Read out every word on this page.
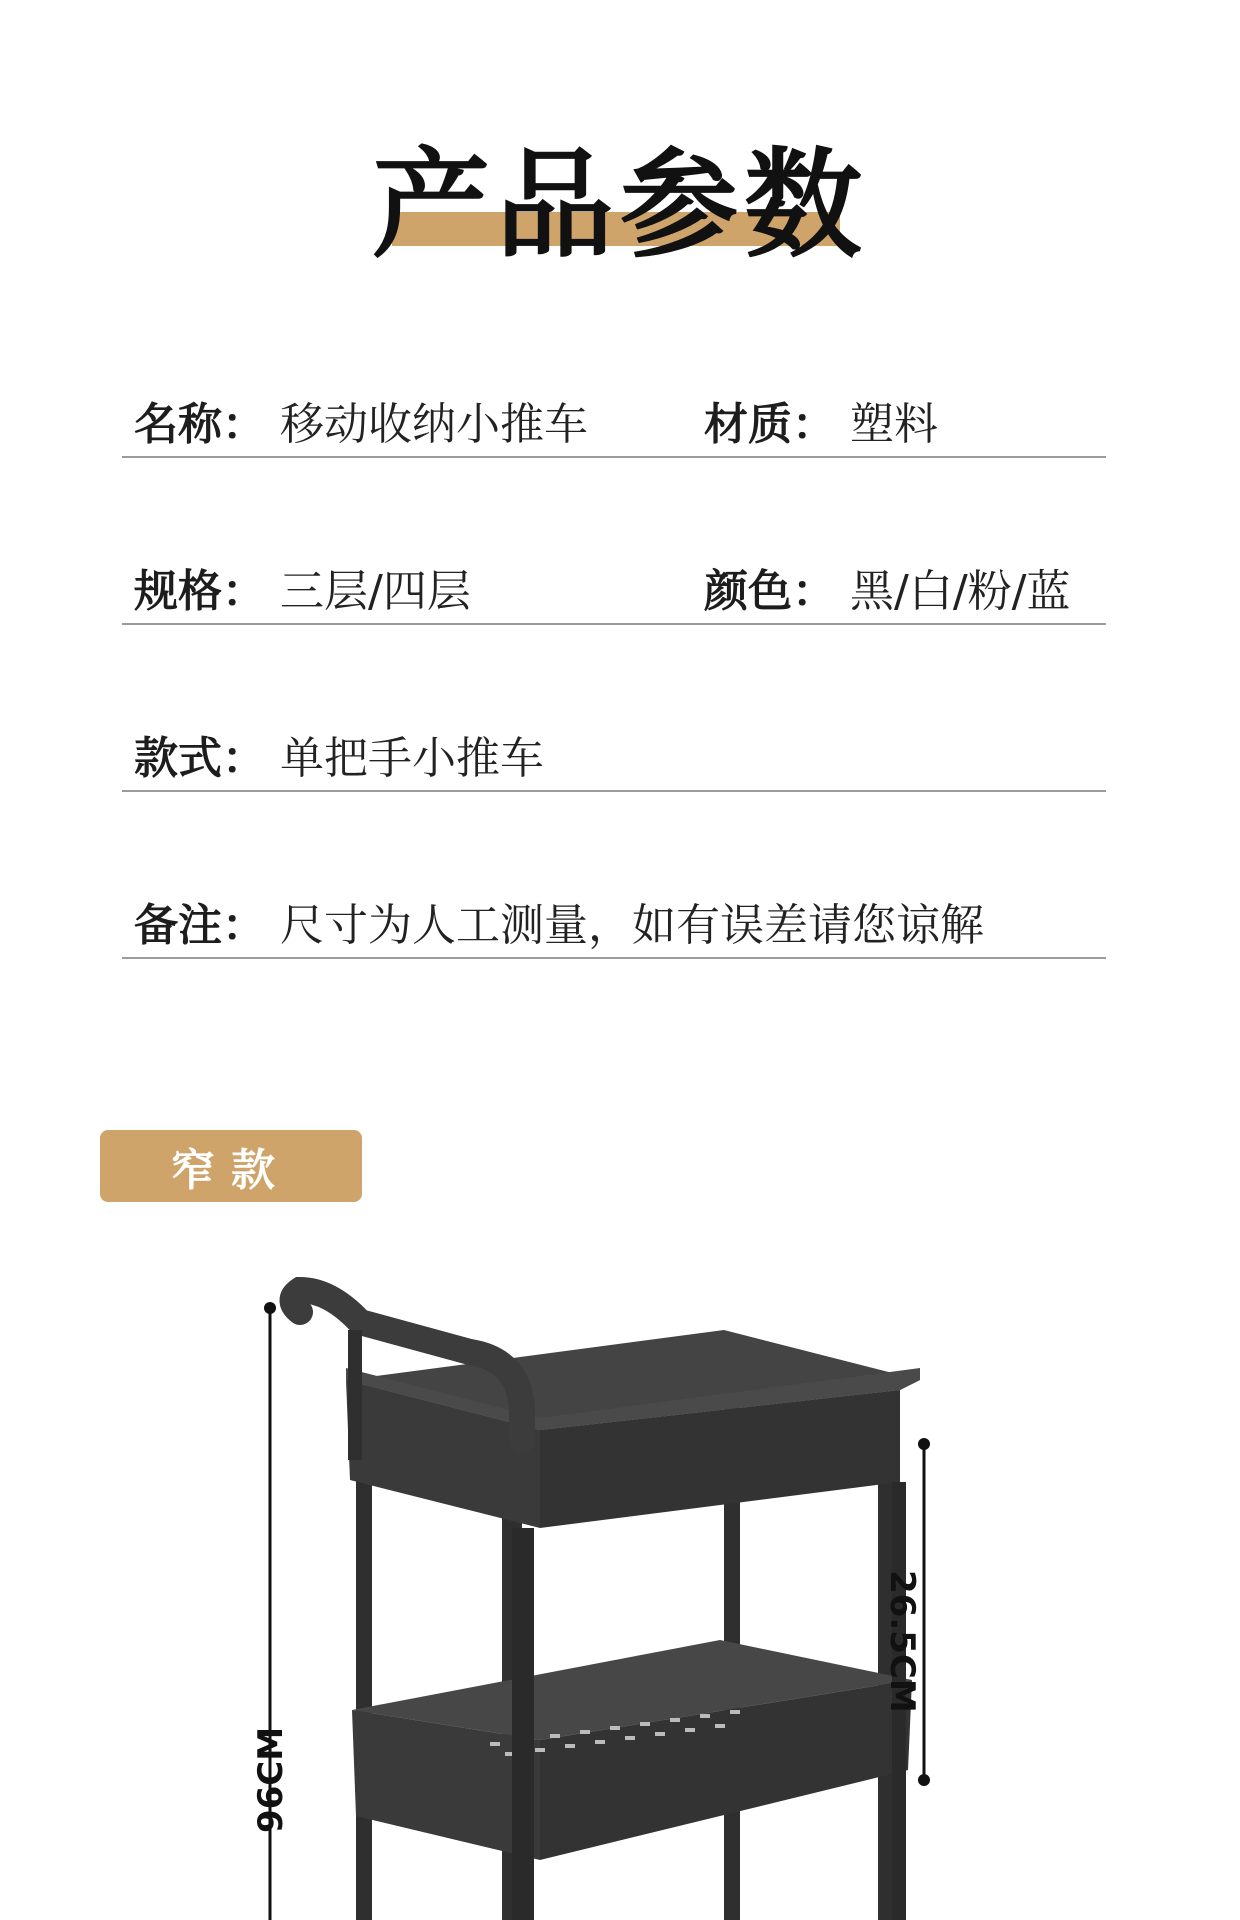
产品参数
名称： 移动收纳小推车	材质： 塑料
规格： 三层/四层	颜色： 黑/白/粉/蓝
款式： 单把手小推车
备注： 尺寸为人工测量，如有误差请您谅解
窄款
26.5CM
96CM
